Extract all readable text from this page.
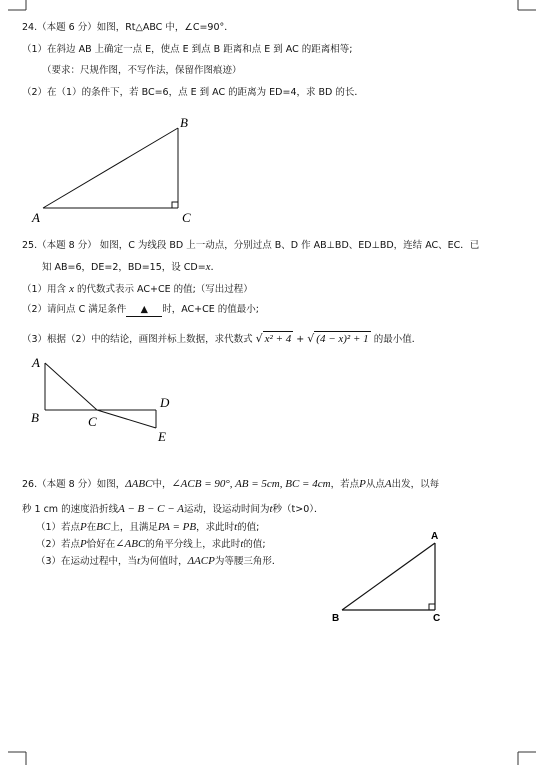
24.（本题 6 分）如图，Rt△ABC 中，∠C=90°．
（1）在斜边 AB 上确定一点 E，使点 E 到点 B 距离和点 E 到 AC 的距离相等;
（要求：尺规作图，不写作法，保留作图痕迹）
（2）在（1）的条件下，若 BC=6，点 E 到 AC 的距离为 ED=4，求 BD 的长．
A
B
C
25.（本题 8 分） 如图，C 为线段 BD 上一动点，分别过点 B、D 作 AB⊥BD、ED⊥BD，连结 AC、EC．已
知 AB=6，DE=2，BD=15，设 CD=x．
（1）用含 x 的代数式表示 AC+CE 的值;（写出过程）
（2）请问点 C 满足条件 ▲ 时，AC+CE 的值最小;
（3）根据（2）中的结论，画图并标上数据，求代数式 √ x² + 4 + √ (4 − x)² + 1 的最小值．
A
B	C
D
E
26.（本题 8 分）如图，ΔABC中，∠ACB = 90°, AB = 5cm, BC = 4cm，若点P从点A出发，以每
秒 1 cm 的速度沿折线A − B − C − A运动，设运动时间为t秒（t>0）．
（1）若点P在BC上，且满足PA = PB，求此时t的值;
（2）若点P恰好在∠ABC的角平分线上，求此时t的值;
（3）在运动过程中，当t为何值时，ΔACP为等腰三角形．
A
B	C
